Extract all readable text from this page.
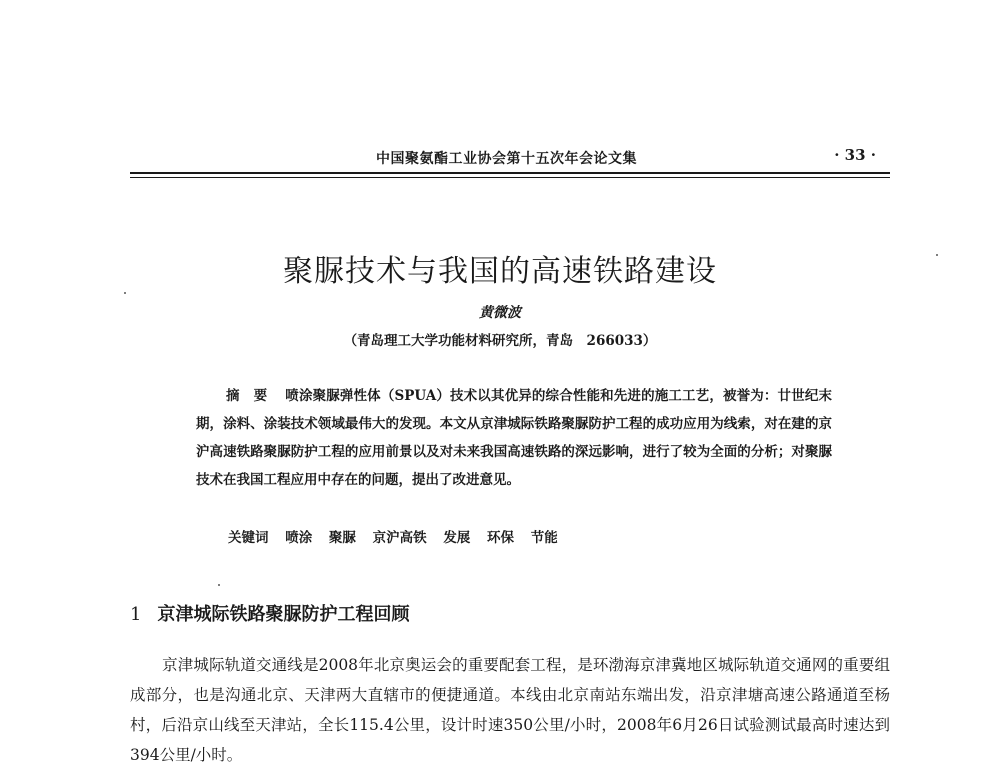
中国聚氨酯工业协会第十五次年会论文集	· 33 ·
聚脲技术与我国的高速铁路建设
黄微波
（青岛理工大学功能材料研究所，青岛　266033）
摘要 喷涂聚脲弹性体（SPUA）技术以其优异的综合性能和先进的施工工艺，被誉为：廿世纪末期，涂料、涂装技术领域最伟大的发现。本文从京津城际铁路聚脲防护工程的成功应用为线索，对在建的京沪高速铁路聚脲防护工程的应用前景以及对未来我国高速铁路的深远影响，进行了较为全面的分析；对聚脲技术在我国工程应用中存在的问题，提出了改进意见。
关键词 喷涂 聚脲 京沪高铁 发展 环保 节能
1 京津城际铁路聚脲防护工程回顾
京津城际轨道交通线是2008年北京奥运会的重要配套工程，是环渤海京津冀地区城际轨道交通网的重要组成部分，也是沟通北京、天津两大直辖市的便捷通道。本线由北京南站东端出发，沿京津塘高速公路通道至杨村，后沿京山线至天津站，全长115.4公里，设计时速350公里/小时，2008年6月26日试验测试最高时速达到394公里/小时。
